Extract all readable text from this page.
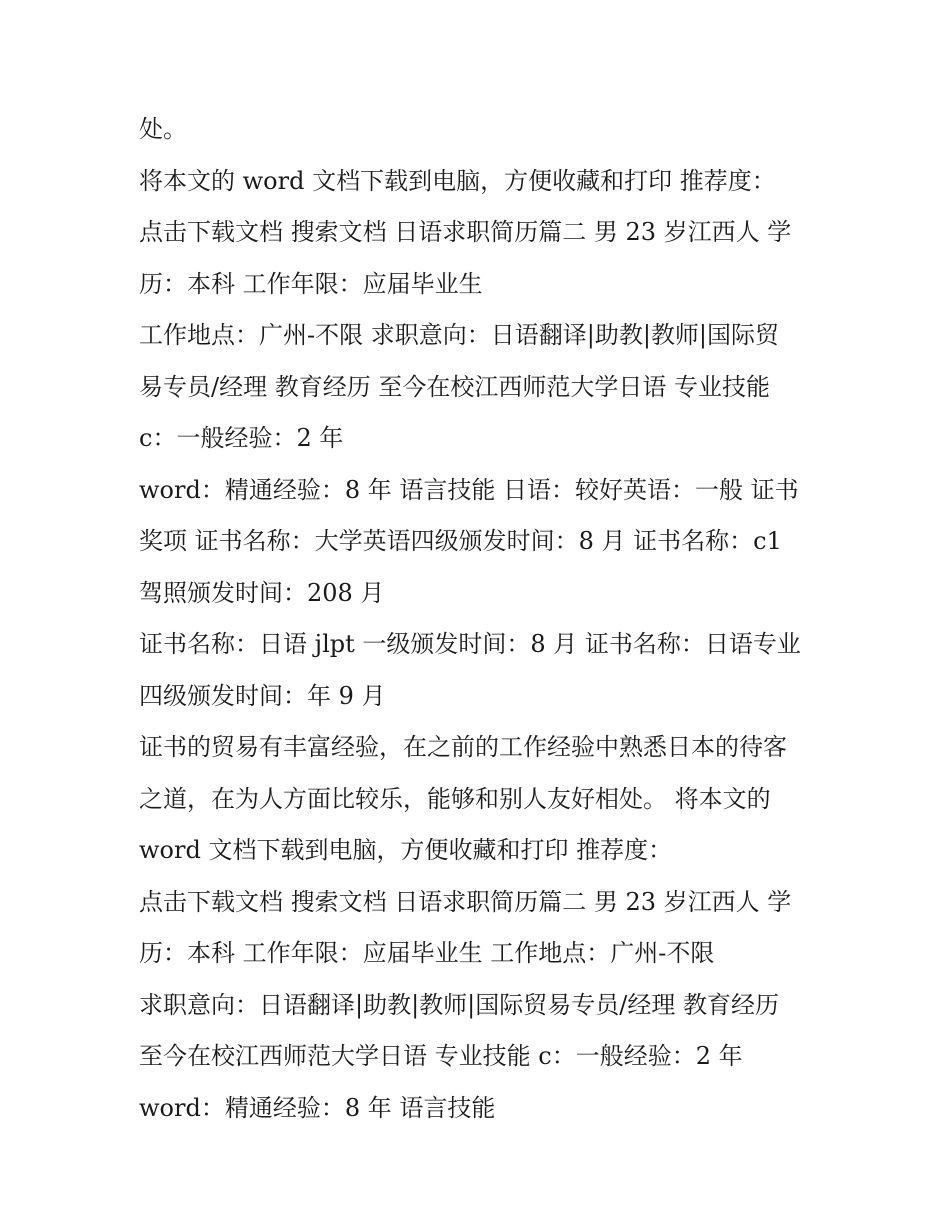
处。
将本文的 word 文档下载到电脑，方便收藏和打印 推荐度：
点击下载文档 搜索文档 日语求职简历篇二 男 23 岁江西人 学
历：本科 工作年限：应届毕业生
工作地点：广州-不限 求职意向：日语翻译|助教|教师|国际贸
易专员/经理 教育经历 至今在校江西师范大学日语 专业技能
c：一般经验：2 年
word：精通经验：8 年 语言技能 日语：较好英语：一般 证书
奖项 证书名称：大学英语四级颁发时间：8 月 证书名称：c1
驾照颁发时间：208 月
证书名称：日语 jlpt 一级颁发时间：8 月 证书名称：日语专业
四级颁发时间：年 9 月
证书的贸易有丰富经验，在之前的工作经验中熟悉日本的待客
之道，在为人方面比较乐，能够和别人友好相处。 将本文的
word 文档下载到电脑，方便收藏和打印 推荐度：
点击下载文档 搜索文档 日语求职简历篇二 男 23 岁江西人 学
历：本科 工作年限：应届毕业生 工作地点：广州-不限
求职意向：日语翻译|助教|教师|国际贸易专员/经理 教育经历
至今在校江西师范大学日语 专业技能 c：一般经验：2 年
word：精通经验：8 年 语言技能
